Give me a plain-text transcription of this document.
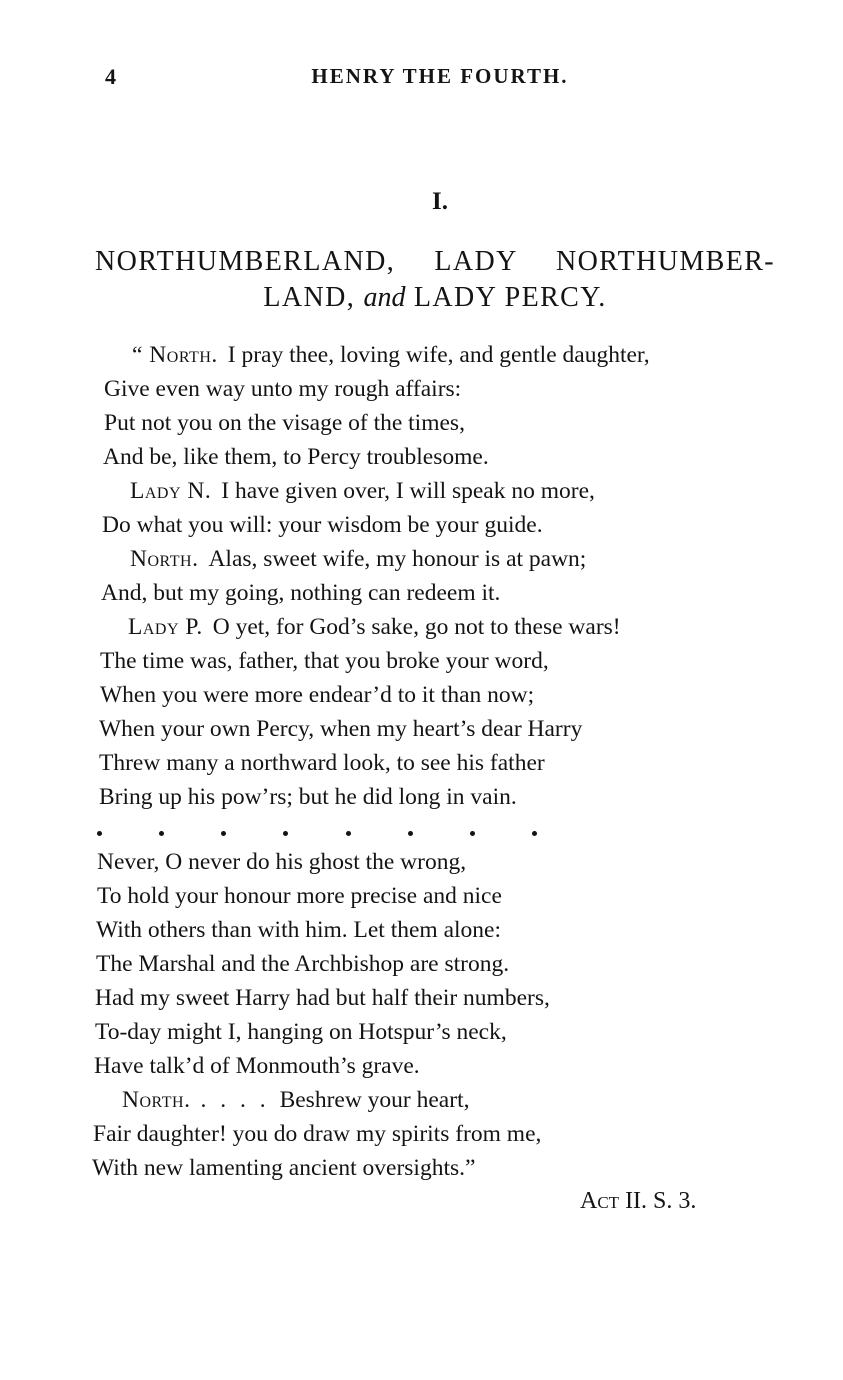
4	HENRY THE FOURTH.
I.
NORTHUMBERLAND, LADY NORTHUMBER-
LAND, and LADY PERCY.
“ North. I pray thee, loving wife, and gentle daughter,
Give even way unto my rough affairs:
Put not you on the visage of the times,
And be, like them, to Percy troublesome.
Lady N. I have given over, I will speak no more,
Do what you will: your wisdom be your guide.
North. Alas, sweet wife, my honour is at pawn;
And, but my going, nothing can redeem it.
Lady P. O yet, for God’s sake, go not to these wars!
The time was, father, that you broke your word,
When you were more endear’d to it than now;
When your own Percy, when my heart’s dear Harry
Threw many a northward look, to see his father
Bring up his pow’rs; but he did long in vain.
Never, O never do his ghost the wrong,
To hold your honour more precise and nice
With others than with him. Let them alone:
The Marshal and the Archbishop are strong.
Had my sweet Harry had but half their numbers,
To-day might I, hanging on Hotspur’s neck,
Have talk’d of Monmouth’s grave.
North. . . . . Beshrew your heart,
Fair daughter! you do draw my spirits from me,
With new lamenting ancient oversights.”
Act II. S. 3.
